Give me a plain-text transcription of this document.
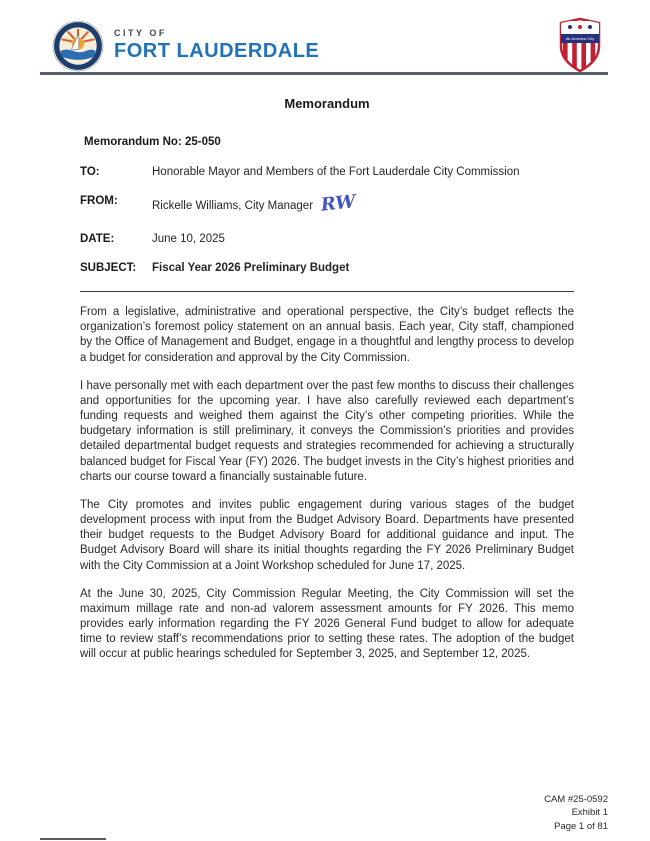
CITY OF
FORT LAUDERDALE
All-America City
Memorandum
Memorandum No: 25-050
TO:	Honorable Mayor and Members of the Fort Lauderdale City Commission
FROM:	Rickelle Williams, City Manager RW
DATE:	June 10, 2025
SUBJECT:	Fiscal Year 2026 Preliminary Budget

From a legislative, administrative and operational perspective, the City’s budget reflects the organization’s foremost policy statement on an annual basis. Each year, City staff, championed by the Office of Management and Budget, engage in a thoughtful and lengthy process to develop a budget for consideration and approval by the City Commission.

I have personally met with each department over the past few months to discuss their challenges and opportunities for the upcoming year. I have also carefully reviewed each department’s funding requests and weighed them against the City’s other competing priorities. While the budgetary information is still preliminary, it conveys the Commission’s priorities and provides detailed departmental budget requests and strategies recommended for achieving a structurally balanced budget for Fiscal Year (FY) 2026. The budget invests in the City’s highest priorities and charts our course toward a financially sustainable future.

The City promotes and invites public engagement during various stages of the budget development process with input from the Budget Advisory Board. Departments have presented their budget requests to the Budget Advisory Board for additional guidance and input. The Budget Advisory Board will share its initial thoughts regarding the FY 2026 Preliminary Budget with the City Commission at a Joint Workshop scheduled for June 17, 2025.

At the June 30, 2025, City Commission Regular Meeting, the City Commission will set the maximum millage rate and non-ad valorem assessment amounts for FY 2026. This memo provides early information regarding the FY 2026 General Fund budget to allow for adequate time to review staff’s recommendations prior to setting these rates. The adoption of the budget will occur at public hearings scheduled for September 3, 2025, and September 12, 2025.

CAM #25-0592
Exhibit 1
Page 1 of 81
